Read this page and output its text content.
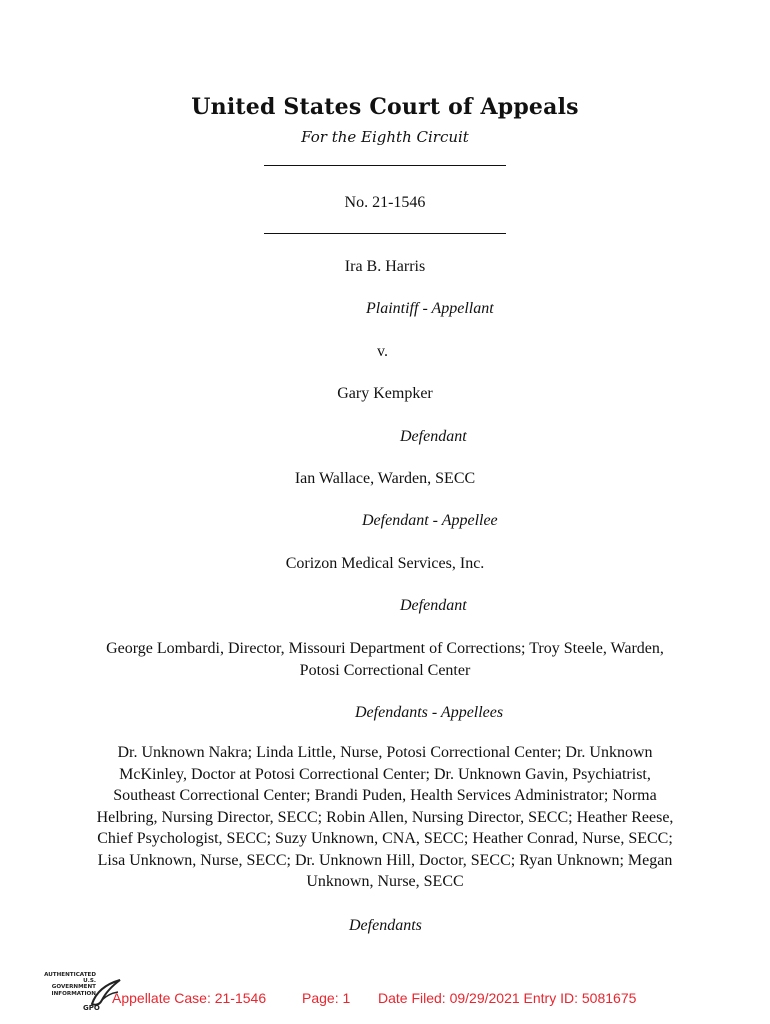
United States Court of Appeals
For the Eighth Circuit
No. 21-1546
Ira B. Harris
Plaintiff - Appellant
v.
Gary Kempker
Defendant
Ian Wallace, Warden, SECC
Defendant - Appellee
Corizon Medical Services, Inc.
Defendant
George Lombardi, Director, Missouri Department of Corrections; Troy Steele, Warden, Potosi Correctional Center
Defendants - Appellees
Dr. Unknown Nakra; Linda Little, Nurse, Potosi Correctional Center; Dr. Unknown McKinley, Doctor at Potosi Correctional Center; Dr. Unknown Gavin, Psychiatrist, Southeast Correctional Center; Brandi Puden, Health Services Administrator; Norma Helbring, Nursing Director, SECC; Robin Allen, Nursing Director, SECC; Heather Reese, Chief Psychologist, SECC; Suzy Unknown, CNA, SECC; Heather Conrad, Nurse, SECC; Lisa Unknown, Nurse, SECC; Dr. Unknown Hill, Doctor, SECC; Ryan Unknown; Megan Unknown, Nurse, SECC
Defendants
AUTHENTICATED U.S. GOVERNMENT INFORMATION
GPO
Appellate Case: 21-1546	Page: 1 Date Filed: 09/29/2021 Entry ID: 5081675
